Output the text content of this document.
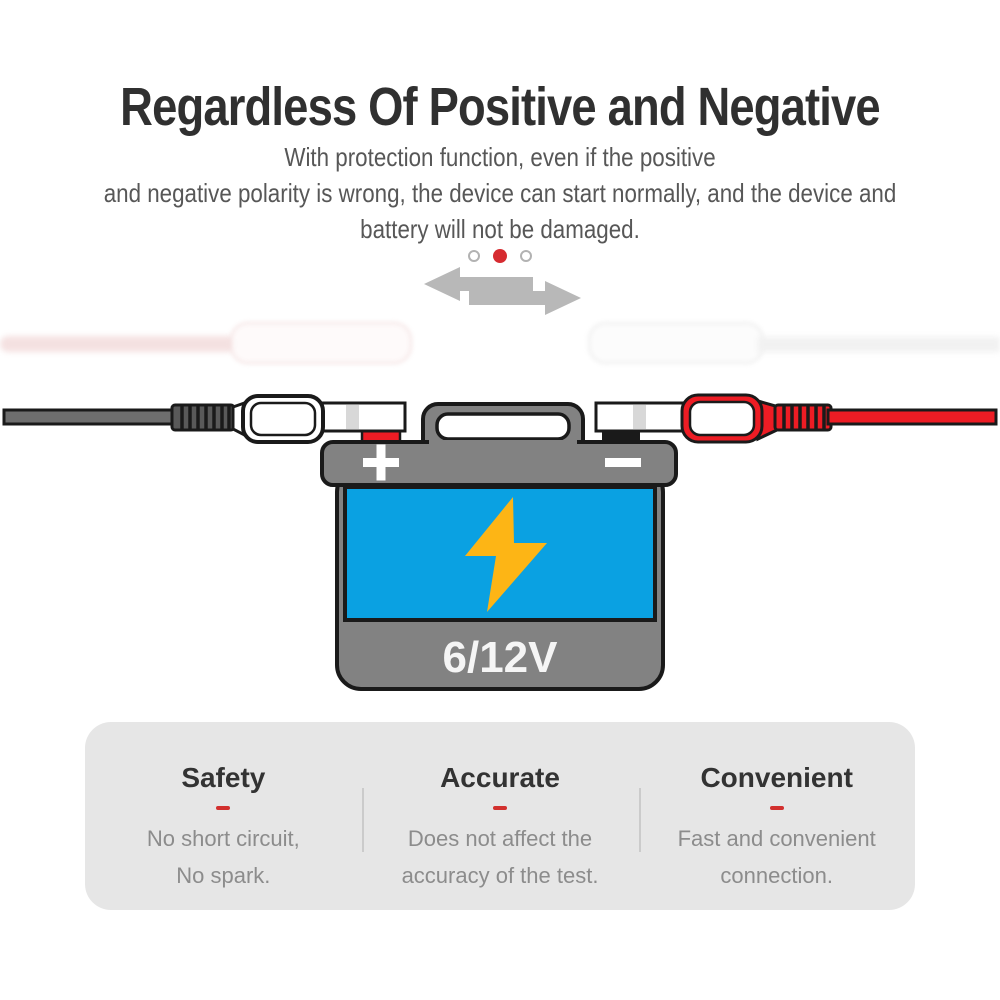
Regardless Of Positive and Negative
With protection function, even if the positive
and negative polarity is wrong, the device can start normally, and the device and
battery will not be damaged.
6/12V
Safety
No short circuit,
No spark.
Accurate
Does not affect the
accuracy of the test.
Convenient
Fast and convenient
connection.
